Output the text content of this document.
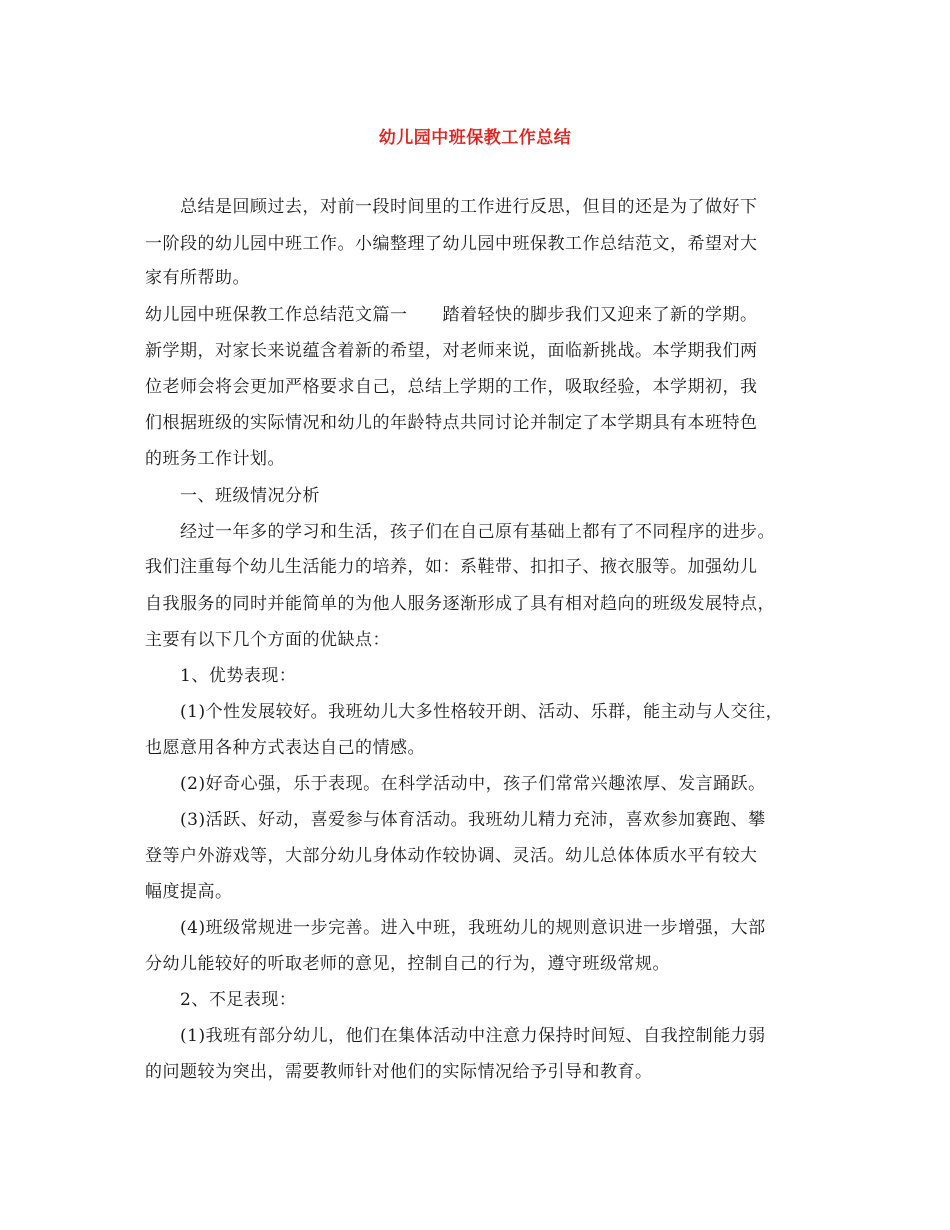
幼儿园中班保教工作总结
总结是回顾过去，对前一段时间里的工作进行反思，但目的还是为了做好下
一阶段的幼儿园中班工作。小编整理了幼儿园中班保教工作总结范文，希望对大
家有所帮助。
幼儿园中班保教工作总结范文篇一　　踏着轻快的脚步我们又迎来了新的学期。
新学期，对家长来说蕴含着新的希望，对老师来说，面临新挑战。本学期我们两
位老师会将会更加严格要求自己，总结上学期的工作，吸取经验，本学期初，我
们根据班级的实际情况和幼儿的年龄特点共同讨论并制定了本学期具有本班特色
的班务工作计划。
一、班级情况分析
经过一年多的学习和生活，孩子们在自己原有基础上都有了不同程序的进步。
我们注重每个幼儿生活能力的培养，如：系鞋带、扣扣子、掖衣服等。加强幼儿
自我服务的同时并能简单的为他人服务逐渐形成了具有相对趋向的班级发展特点，
主要有以下几个方面的优缺点：
1、优势表现：
(1)个性发展较好。我班幼儿大多性格较开朗、活动、乐群，能主动与人交往，
也愿意用各种方式表达自己的情感。
(2)好奇心强，乐于表现。在科学活动中，孩子们常常兴趣浓厚、发言踊跃。
(3)活跃、好动，喜爱参与体育活动。我班幼儿精力充沛，喜欢参加赛跑、攀
登等户外游戏等，大部分幼儿身体动作较协调、灵活。幼儿总体体质水平有较大
幅度提高。
(4)班级常规进一步完善。进入中班，我班幼儿的规则意识进一步增强，大部
分幼儿能较好的听取老师的意见，控制自己的行为，遵守班级常规。
2、不足表现：
(1)我班有部分幼儿，他们在集体活动中注意力保持时间短、自我控制能力弱
的问题较为突出，需要教师针对他们的实际情况给予引导和教育。
